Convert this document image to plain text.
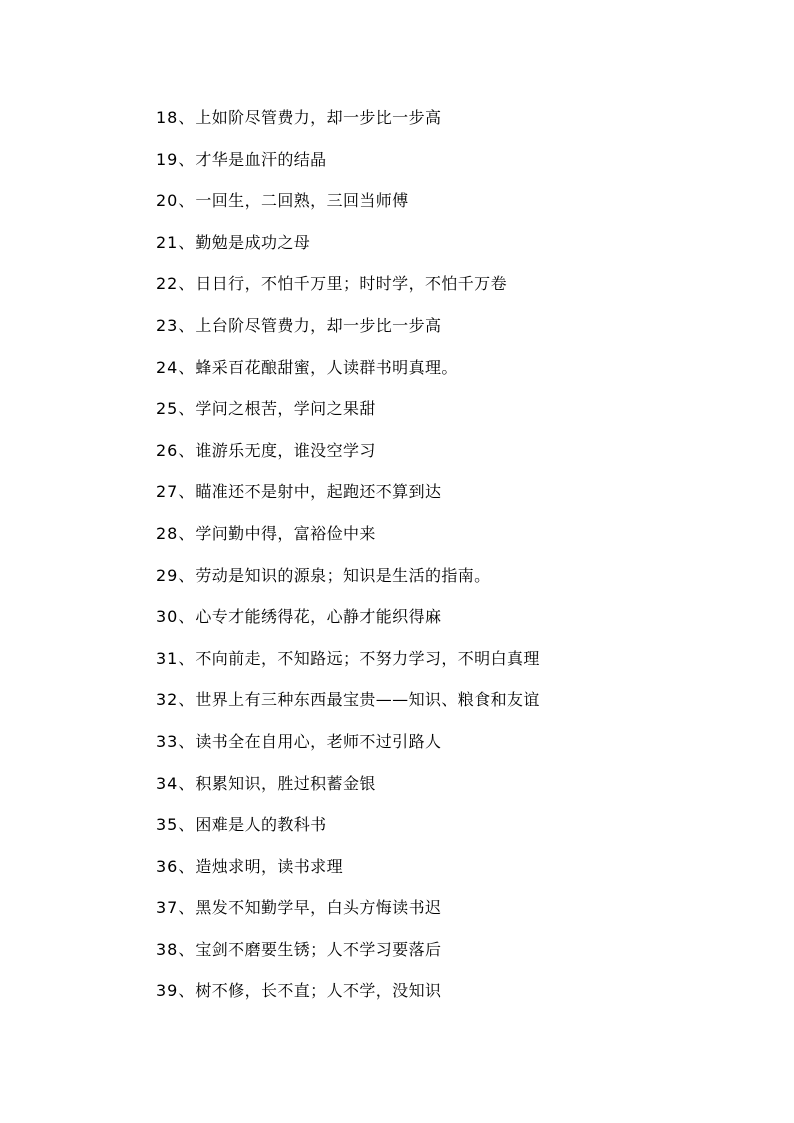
18、上如阶尽管费力，却一步比一步高
19、才华是血汗的结晶
20、一回生，二回熟，三回当师傅
21、勤勉是成功之母
22、日日行，不怕千万里；时时学，不怕千万卷
23、上台阶尽管费力，却一步比一步高
24、蜂采百花酿甜蜜，人读群书明真理。
25、学问之根苦，学问之果甜
26、谁游乐无度，谁没空学习
27、瞄准还不是射中，起跑还不算到达
28、学问勤中得，富裕俭中来
29、劳动是知识的源泉；知识是生活的指南。
30、心专才能绣得花，心静才能织得麻
31、不向前走，不知路远；不努力学习，不明白真理
32、世界上有三种东西最宝贵——知识、粮食和友谊
33、读书全在自用心，老师不过引路人
34、积累知识，胜过积蓄金银
35、困难是人的教科书
36、造烛求明，读书求理
37、黑发不知勤学早，白头方悔读书迟
38、宝剑不磨要生锈；人不学习要落后
39、树不修，长不直；人不学，没知识
